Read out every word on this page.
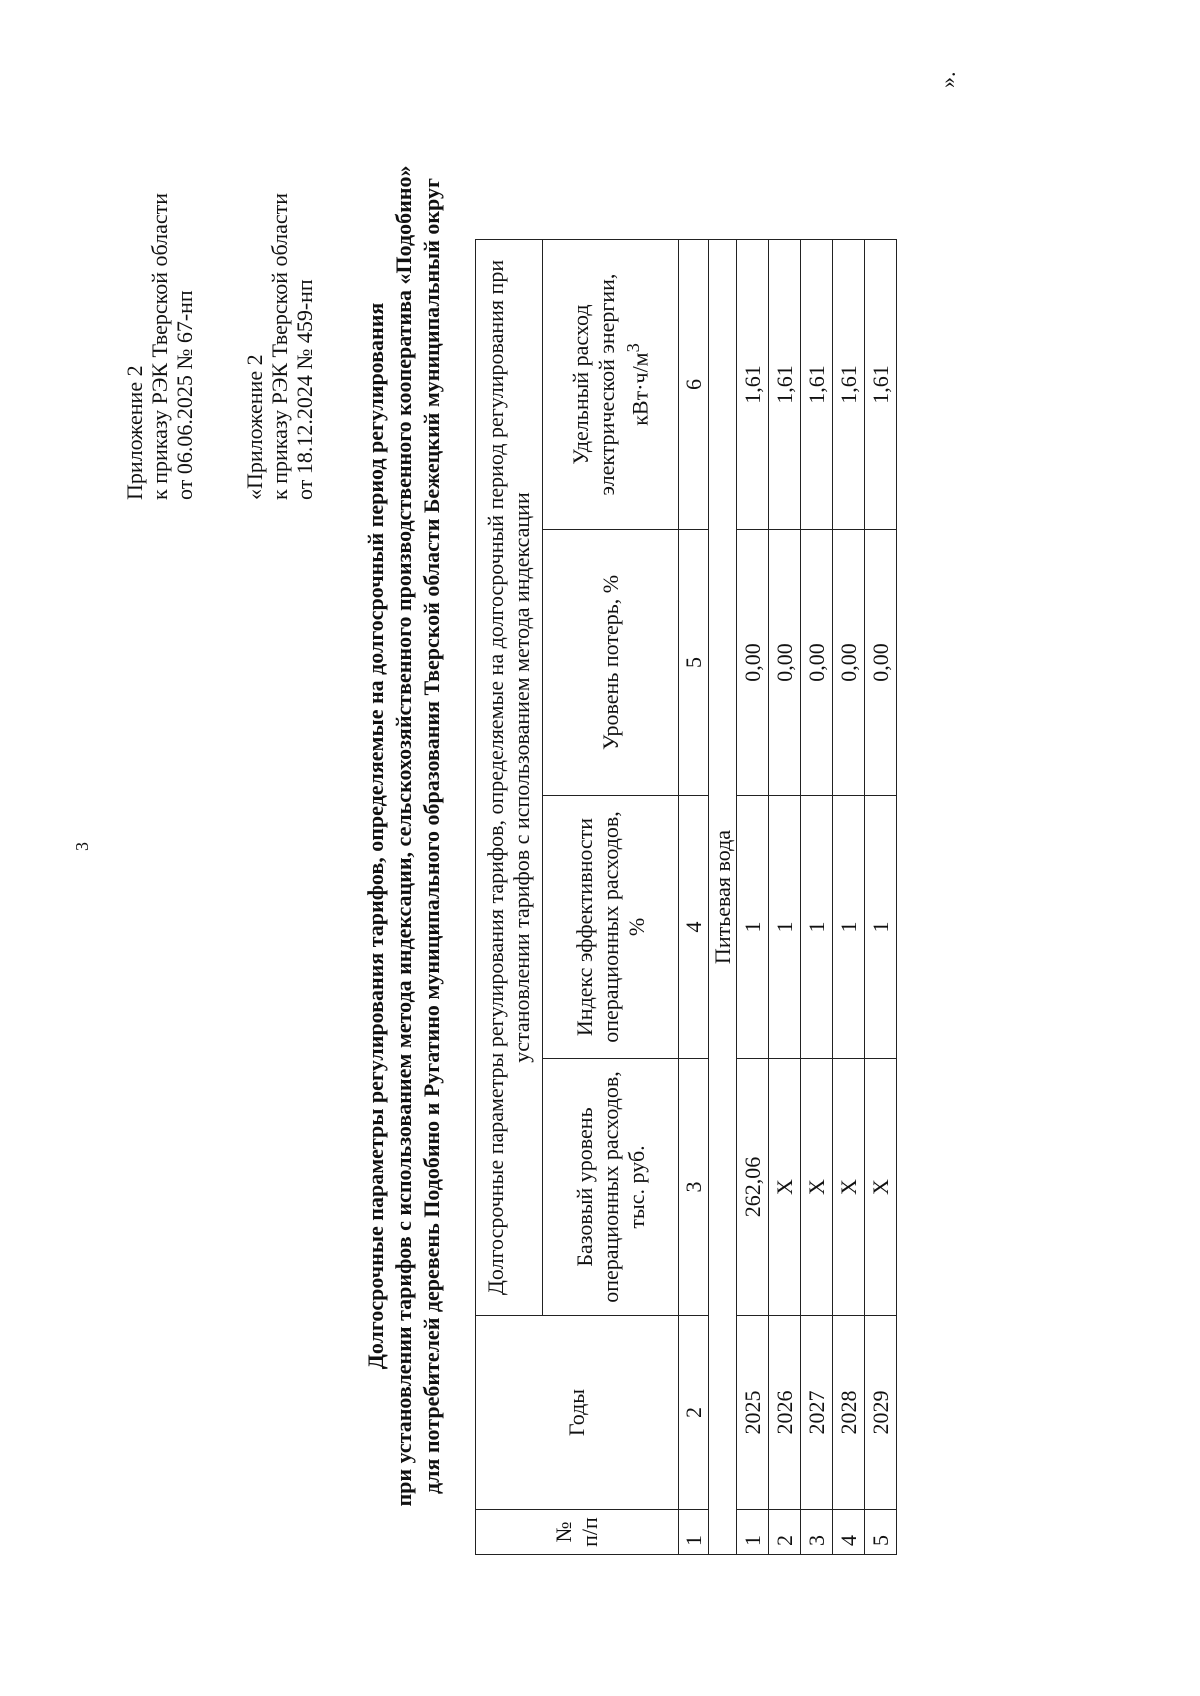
3
Приложение 2 к приказу РЭК Тверской области от 06.06.2025 № 67-нп «Приложение 2 к приказу РЭК Тверской области от 18.12.2024 № 459-нп Долгосрочные параметры регулирования тарифов, определяемые на долгосрочный период регулирования при установлении тарифов с использованием метода индексации, сельскохозяйственного производственного кооператива «Подобино» для потребителей деревень Подобино и Ругатино муниципального образования Тверской области Бежецкий муниципальный округ
№ п/п	Годы	Долгосрочные параметры регулирования тарифов, определяемые на долгосрочный период регулирования при установлении тарифов с использованием метода индексации			
		Базовый уровень операционных расходов, тыс. руб.	Индекс эффективности операционных расходов, %	Уровень потерь, %	Удельный расход электрической энергии, $кВт\cdot ч/м^3$
1	2	3	4	5	6
Питьевая вода					
1	2025	262,06	1	0,00	1,61
2	2026	X	1	0,00	1,61
3	2027	X	1	0,00	1,61
4	2028	X	1	0,00	1,61
5	2029	X	1	0,00	1,61
».
